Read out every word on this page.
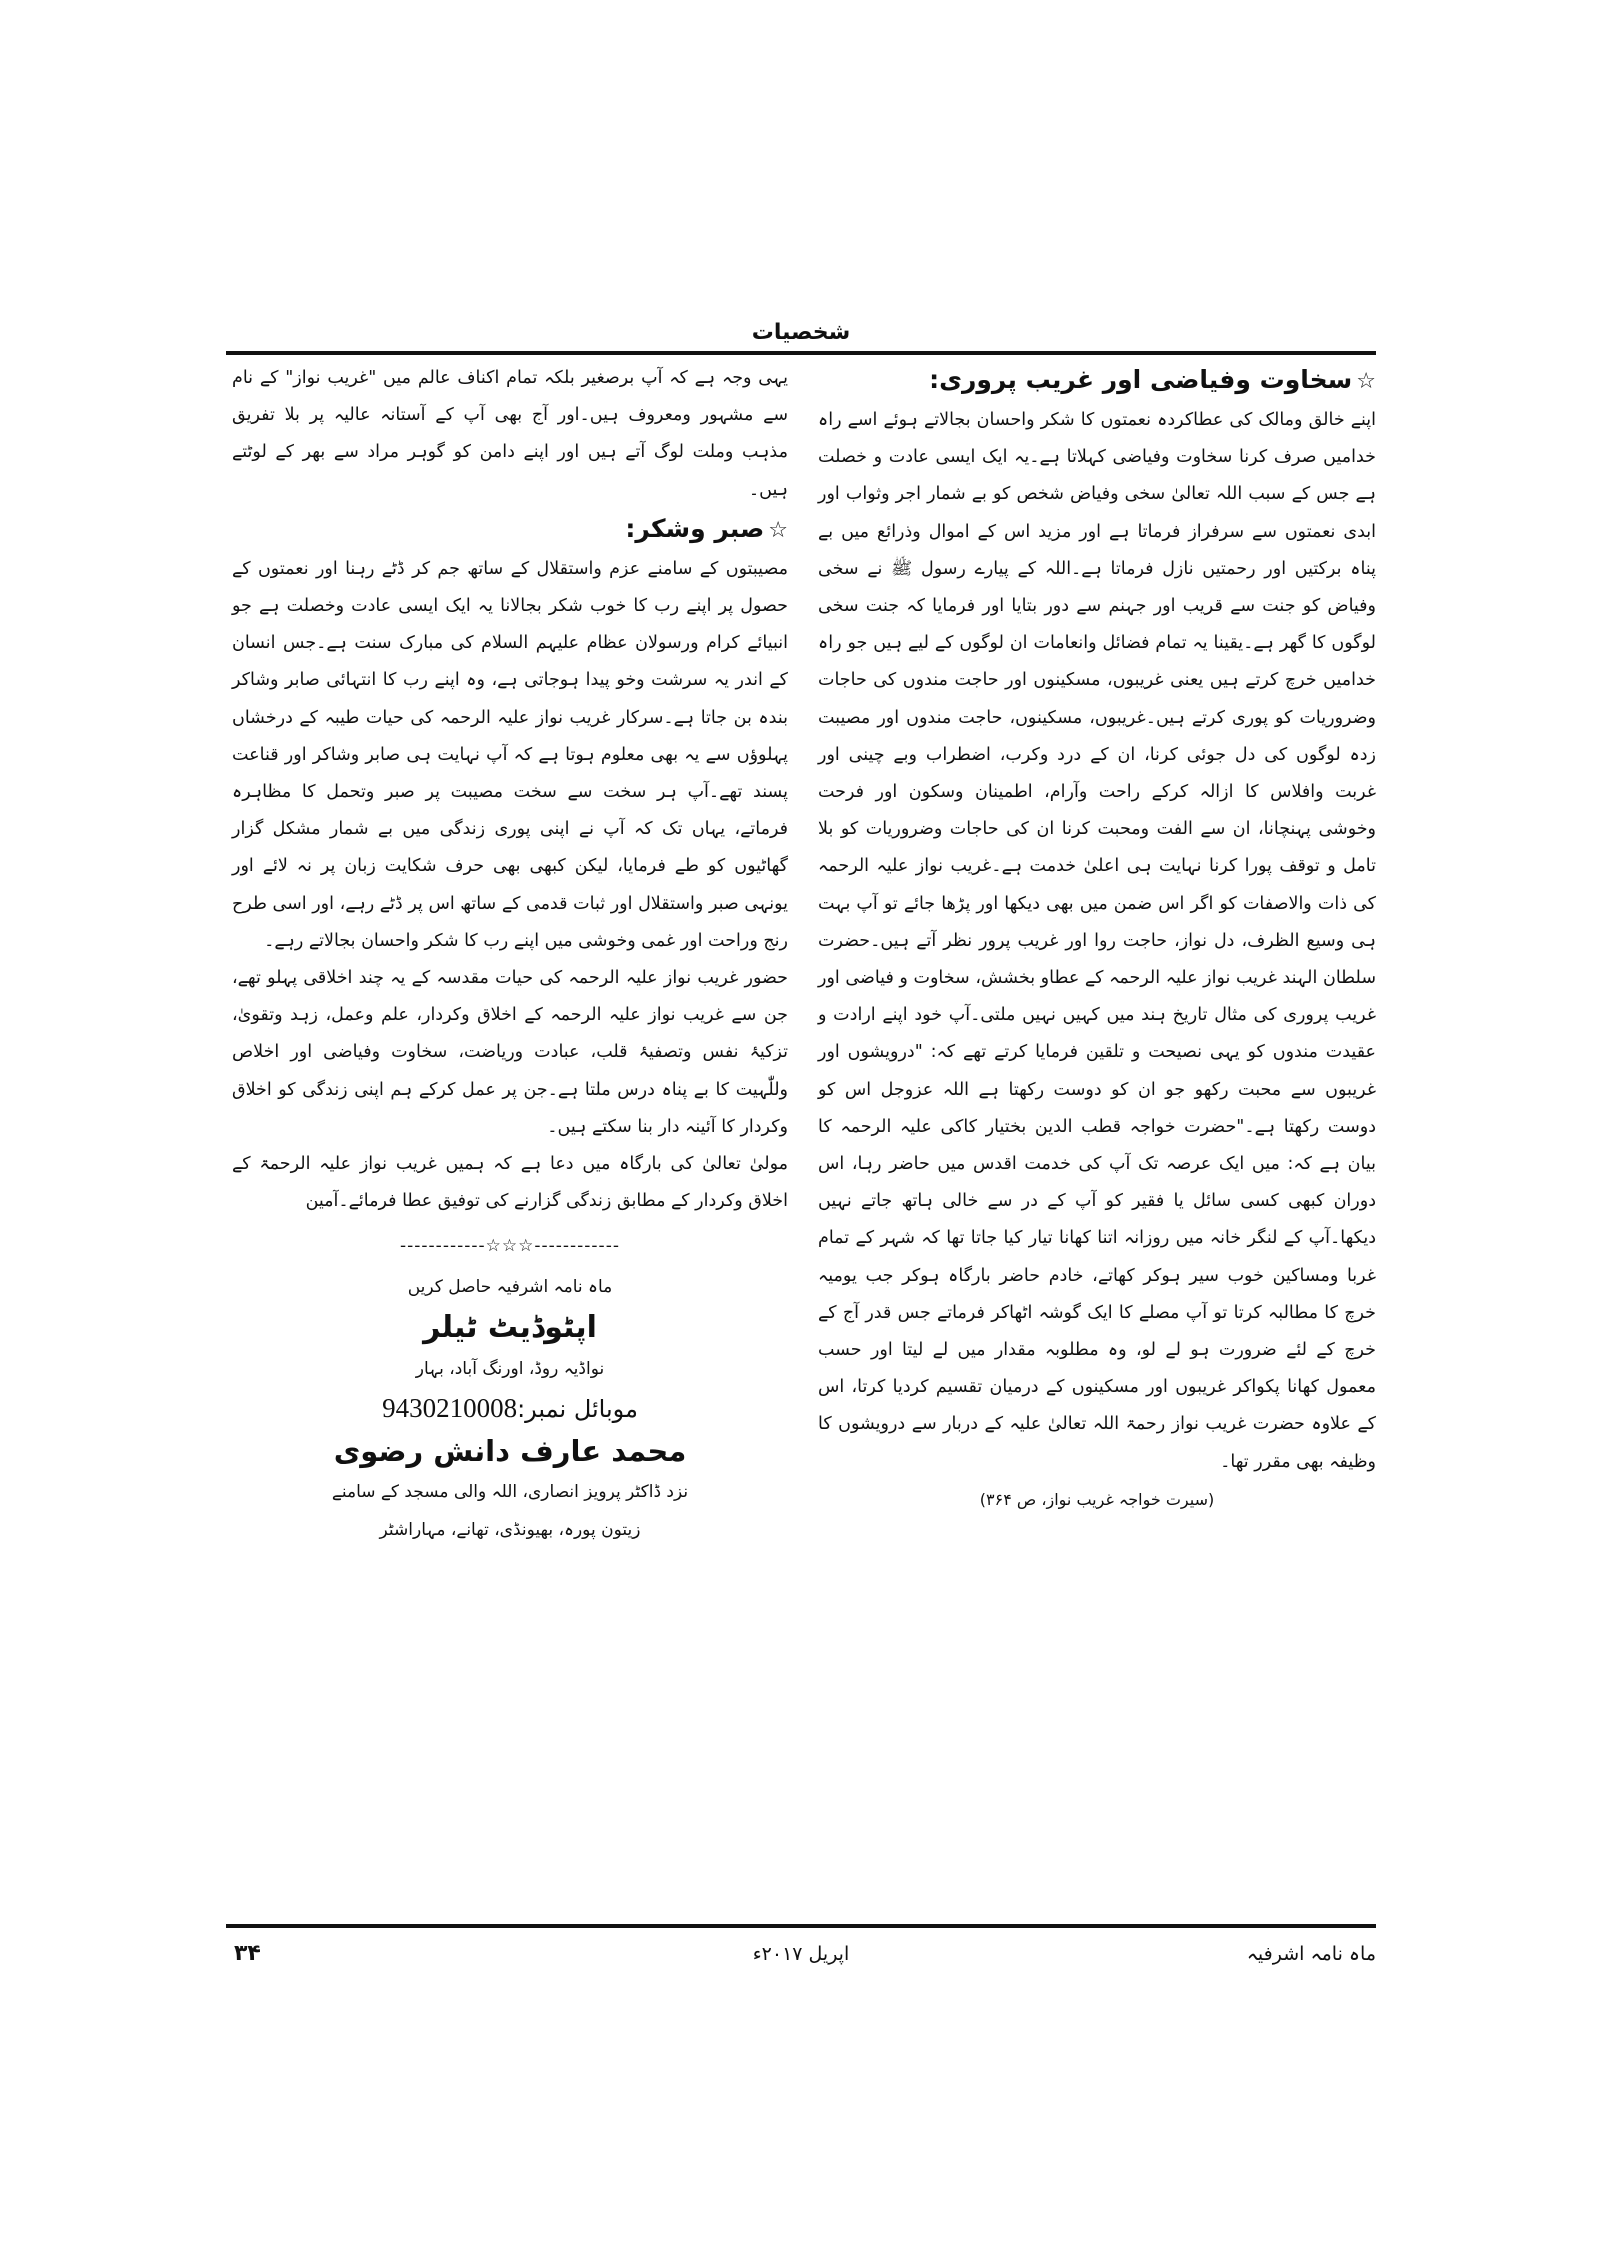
شخصیات
☆سخاوت وفیاضی اور غریب پروری:

اپنے خالق ومالک کی عطاکردہ نعمتوں کا شکر واحسان بجالاتے ہوئے اسے راہ خدامیں صرف کرنا سخاوت وفیاضی کہلاتا ہے۔یہ ایک ایسی عادت و خصلت ہے جس کے سبب اللہ تعالیٰ سخی وفیاض شخص کو بے شمار اجر وثواب اور ابدی نعمتوں سے سرفراز فرماتا ہے اور مزید اس کے اموال وذرائع میں بے پناہ برکتیں اور رحمتیں نازل فرماتا ہے۔اللہ کے پیارے رسول ﷺ نے سخی وفیاض کو جنت سے قریب اور جہنم سے دور بتایا اور فرمایا کہ جنت سخی لوگوں کا گھر ہے۔یقینا یہ تمام فضائل وانعامات ان لوگوں کے لیے ہیں جو راہ خدامیں خرچ کرتے ہیں یعنی غریبوں، مسکینوں اور حاجت مندوں کی حاجات وضروریات کو پوری کرتے ہیں۔غریبوں، مسکینوں، حاجت مندوں اور مصیبت زدہ لوگوں کی دل جوئی کرنا، ان کے درد وکرب، اضطراب وبے چینی اور غربت وافلاس کا ازالہ کرکے راحت وآرام، اطمینان وسکون اور فرحت وخوشی پہنچانا، ان سے الفت ومحبت کرنا ان کی حاجات وضروریات کو بلا تامل و توقف پورا کرنا نہایت ہی اعلیٰ خدمت ہے۔غریب نواز علیہ الرحمہ کی ذات والاصفات کو اگر اس ضمن میں بھی دیکھا اور پڑھا جائے تو آپ بہت ہی وسیع الظرف، دل نواز، حاجت روا اور غریب پرور نظر آتے ہیں۔حضرت سلطان الہند غریب نواز علیہ الرحمہ کے عطاو بخشش، سخاوت و فیاضی اور غریب پروری کی مثال تاریخ ہند میں کہیں نہیں ملتی۔آپ خود اپنے ارادت و عقیدت مندوں کو یہی نصیحت و تلقین فرمایا کرتے تھے کہ: "درویشوں اور غریبوں سے محبت رکھو جو ان کو دوست رکھتا ہے اللہ عزوجل اس کو دوست رکھتا ہے۔"حضرت خواجہ قطب الدین بختیار کاکی علیہ الرحمہ کا بیان ہے کہ: میں ایک عرصہ تک آپ کی خدمت اقدس میں حاضر رہا، اس دوران کبھی کسی سائل یا فقیر کو آپ کے در سے خالی ہاتھ جاتے نہیں دیکھا۔آپ کے لنگر خانہ میں روزانہ اتنا کھانا تیار کیا جاتا تھا کہ شہر کے تمام غربا ومساکین خوب سیر ہوکر کھاتے، خادم حاضر بارگاہ ہوکر جب یومیہ خرچ کا مطالبہ کرتا تو آپ مصلے کا ایک گوشہ اٹھاکر فرماتے جس قدر آج کے خرچ کے لئے ضرورت ہو لے لو، وہ مطلوبہ مقدار میں لے لیتا اور حسب معمول کھانا پکواکر غریبوں اور مسکینوں کے درمیان تقسیم کردیا کرتا، اس کے علاوہ حضرت غریب نواز رحمۃ اللہ تعالیٰ علیہ کے دربار سے درویشوں کا وظیفہ بھی مقرر تھا۔

(سیرت خواجہ غریب نواز، ص ۳۶۴)

یہی وجہ ہے کہ آپ برصغیر بلکہ تمام اکناف عالم میں "غریب نواز" کے نام سے مشہور ومعروف ہیں۔اور آج بھی آپ کے آستانہ عالیہ پر بلا تفریق مذہب وملت لوگ آتے ہیں اور اپنے دامن کو گوہر مراد سے بھر کے لوٹتے ہیں۔

☆صبر وشکر:

مصیبتوں کے سامنے عزم واستقلال کے ساتھ جم کر ڈٹے رہنا اور نعمتوں کے حصول پر اپنے رب کا خوب شکر بجالانا یہ ایک ایسی عادت وخصلت ہے جو انبیائے کرام ورسولان عظام علیہم السلام کی مبارک سنت ہے۔جس انسان کے اندر یہ سرشت وخو پیدا ہوجاتی ہے، وہ اپنے رب کا انتہائی صابر وشاکر بندہ بن جاتا ہے۔سرکار غریب نواز علیہ الرحمہ کی حیات طیبہ کے درخشاں پہلوؤں سے یہ بھی معلوم ہوتا ہے کہ آپ نہایت ہی صابر وشاکر اور قناعت پسند تھے۔آپ ہر سخت سے سخت مصیبت پر صبر وتحمل کا مظاہرہ فرماتے، یہاں تک کہ آپ نے اپنی پوری زندگی میں بے شمار مشکل گزار گھاٹیوں کو طے فرمایا، لیکن کبھی بھی حرف شکایت زبان پر نہ لائے اور یونہی صبر واستقلال اور ثبات قدمی کے ساتھ اس پر ڈٹے رہے، اور اسی طرح رنج وراحت اور غمی وخوشی میں اپنے رب کا شکر واحسان بجالاتے رہے۔

حضور غریب نواز علیہ الرحمہ کی حیات مقدسہ کے یہ چند اخلاقی پہلو تھے، جن سے غریب نواز علیہ الرحمہ کے اخلاق وکردار، علم وعمل، زہد وتقویٰ، تزکیۂ نفس وتصفیۂ قلب، عبادت وریاضت، سخاوت وفیاضی اور اخلاص وللّٰہیت کا بے پناہ درس ملتا ہے۔جن پر عمل کرکے ہم اپنی زندگی کو اخلاق وکردار کا آئینہ دار بنا سکتے ہیں۔

مولیٰ تعالیٰ کی بارگاہ میں دعا ہے کہ ہمیں غریب نواز علیہ الرحمۃ کے اخلاق وکردار کے مطابق زندگی گزارنے کی توفیق عطا فرمائے۔آمین

------------☆☆☆------------
ماہ نامہ اشرفیہ حاصل کریں
اپٹوڈیٹ ٹیلر
نواڈیہ روڈ، اورنگ آباد، بہار
موبائل نمبر:9430210008
محمد عارف دانش رضوی
نزد ڈاکٹر پرویز انصاری، اللہ والی مسجد کے سامنے
زیتون پورہ، بھیونڈی، تھانے، مہاراشٹر
۳۴	اپریل ۲۰۱۷ء	ماہ نامہ اشرفیہ
